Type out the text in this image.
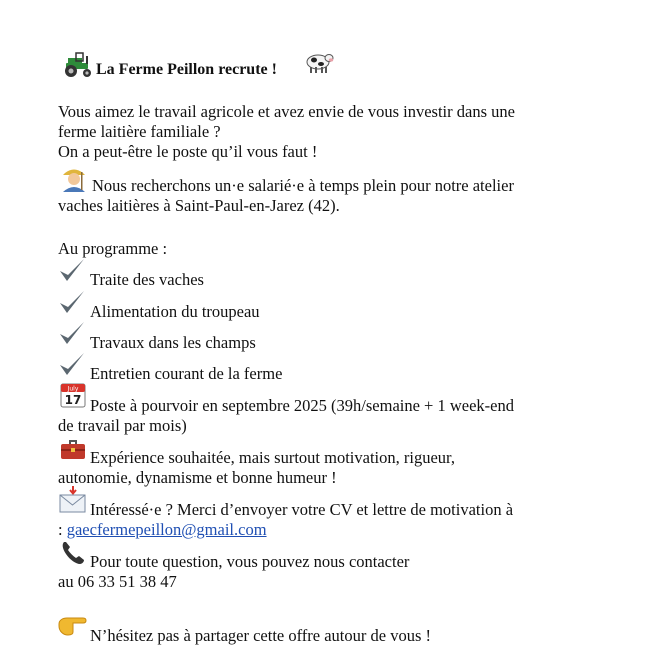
La Ferme Peillon recrute !
Vous aimez le travail agricole et avez envie de vous investir dans une
ferme laitière familiale ?
On a peut-être le poste qu’il vous faut !
Nous recherchons un·e salarié·e à temps plein pour notre atelier
vaches laitières à Saint-Paul-en-Jarez (42).
Au programme :
Traite des vaches
Alimentation du troupeau
Travaux dans les champs
Entretien courant de la ferme
July
17 Poste à pourvoir en septembre 2025 (39h/semaine + 1 week-end
de travail par mois)
Expérience souhaitée, mais surtout motivation, rigueur,
autonomie, dynamisme et bonne humeur !
Intéressé·e ? Merci d’envoyer votre CV et lettre de motivation à
: gaecfermepeillon@gmail.com
Pour toute question, vous pouvez nous contacter
au 06 33 51 38 47
N’hésitez pas à partager cette offre autour de vous !
